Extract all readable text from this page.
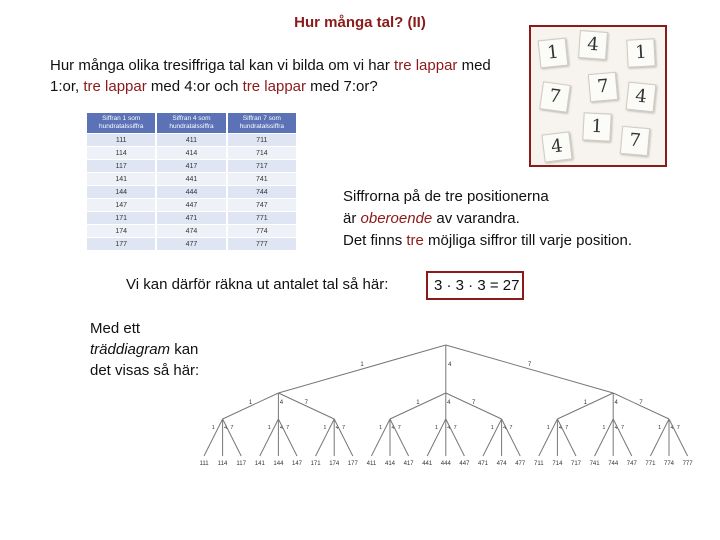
Hur många tal? (II)
Hur många olika tresiffriga tal kan vi bilda om vi har tre lappar med 1:or, tre lappar med 4:or och tre lappar med 7:or?
Siffran 1 som hundratalssiffra	Siffran 4 som hundratalssiffra	Siffran 7 som hundratalssiffra
111	411	711
114	414	714
117	417	717
141	441	741
144	444	744
147	447	747
171	471	771
174	474	774
177	477	777
1	4	1
7	7	4
1
4	7
Siffrorna på de tre positionerna
är oberoende av varandra.
Det finns tre möjliga siffror till varje position.
Vi kan därför räkna ut antalet tal så här:	3 · 3 · 3 = 27
Med ett
träddiagram kan
det visas så här:	1
1
1
111
4
114
7
117
4
1
141
4
144
7
147
7
1
171
4
174
7
177
4
1
1
411
4
414
7
417
4
1
441
4
444
7
447
7
1
471
4
474
7
477
7
1
1
711
4
714
7
717
4
1
741
4
744
7
747
7
1
771
4
774
7
777
